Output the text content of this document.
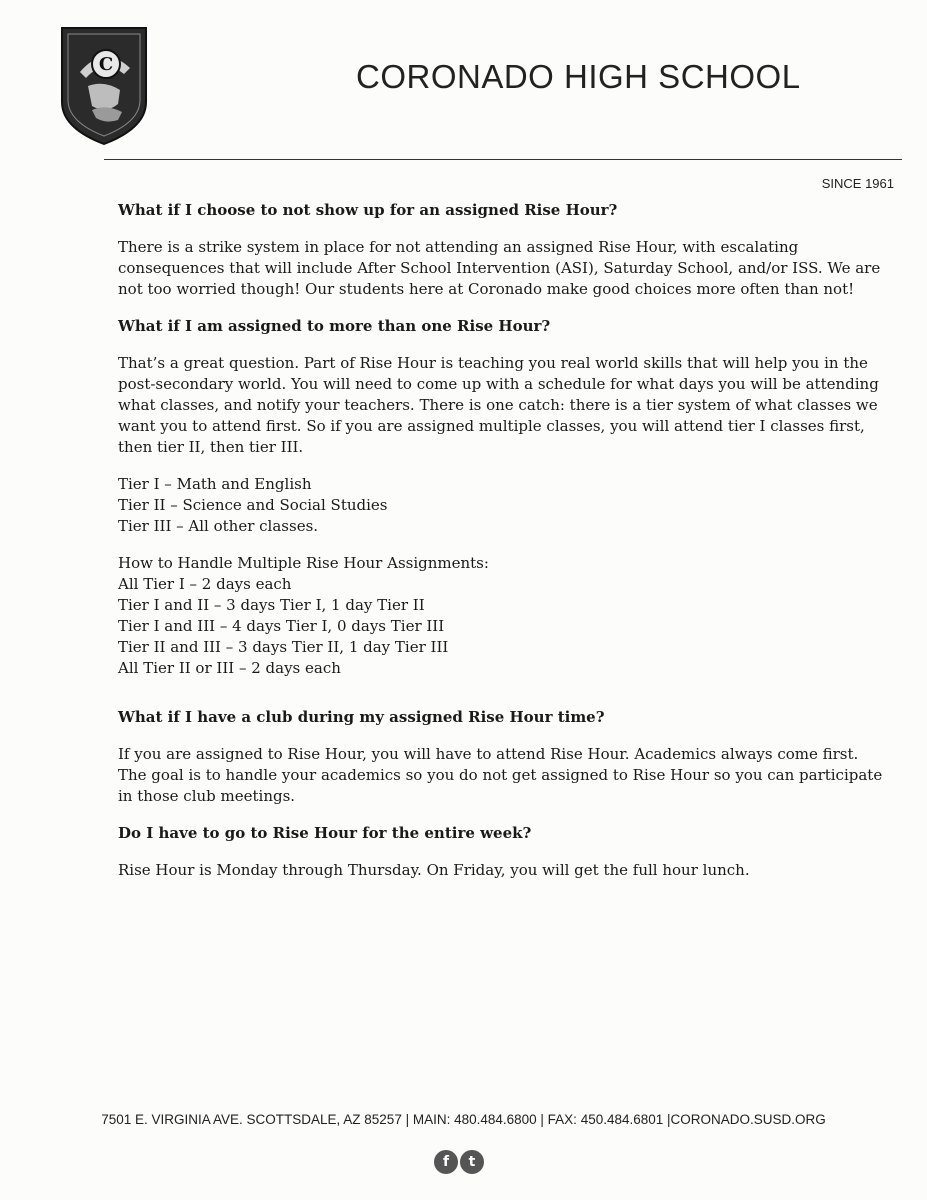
C	CORONADO HIGH SCHOOL
SINCE 1961
What if I choose to not show up for an assigned Rise Hour?

There is a strike system in place for not attending an assigned Rise Hour, with escalating consequences that will include After School Intervention (ASI), Saturday School, and/or ISS. We are not too worried though! Our students here at Coronado make good choices more often than not!

What if I am assigned to more than one Rise Hour?

That’s a great question. Part of Rise Hour is teaching you real world skills that will help you in the post-secondary world. You will need to come up with a schedule for what days you will be attending what classes, and notify your teachers. There is one catch: there is a tier system of what classes we want you to attend first. So if you are assigned multiple classes, you will attend tier I classes first, then tier II, then tier III.

Tier I – Math and English
Tier II – Science and Social Studies
Tier III – All other classes.
How to Handle Multiple Rise Hour Assignments:
All Tier I – 2 days each
Tier I and II – 3 days Tier I, 1 day Tier II
Tier I and III – 4 days Tier I, 0 days Tier III
Tier II and III – 3 days Tier II, 1 day Tier III
All Tier II or III – 2 days each
What if I have a club during my assigned Rise Hour time?

If you are assigned to Rise Hour, you will have to attend Rise Hour. Academics always come first. The goal is to handle your academics so you do not get assigned to Rise Hour so you can participate in those club meetings.

Do I have to go to Rise Hour for the entire week?

Rise Hour is Monday through Thursday. On Friday, you will get the full hour lunch.

7501 E. VIRGINIA AVE. SCOTTSDALE, AZ 85257 | MAIN: 480.484.6800 | FAX: 450.484.6801 |CORONADO.SUSD.ORG
f	t
